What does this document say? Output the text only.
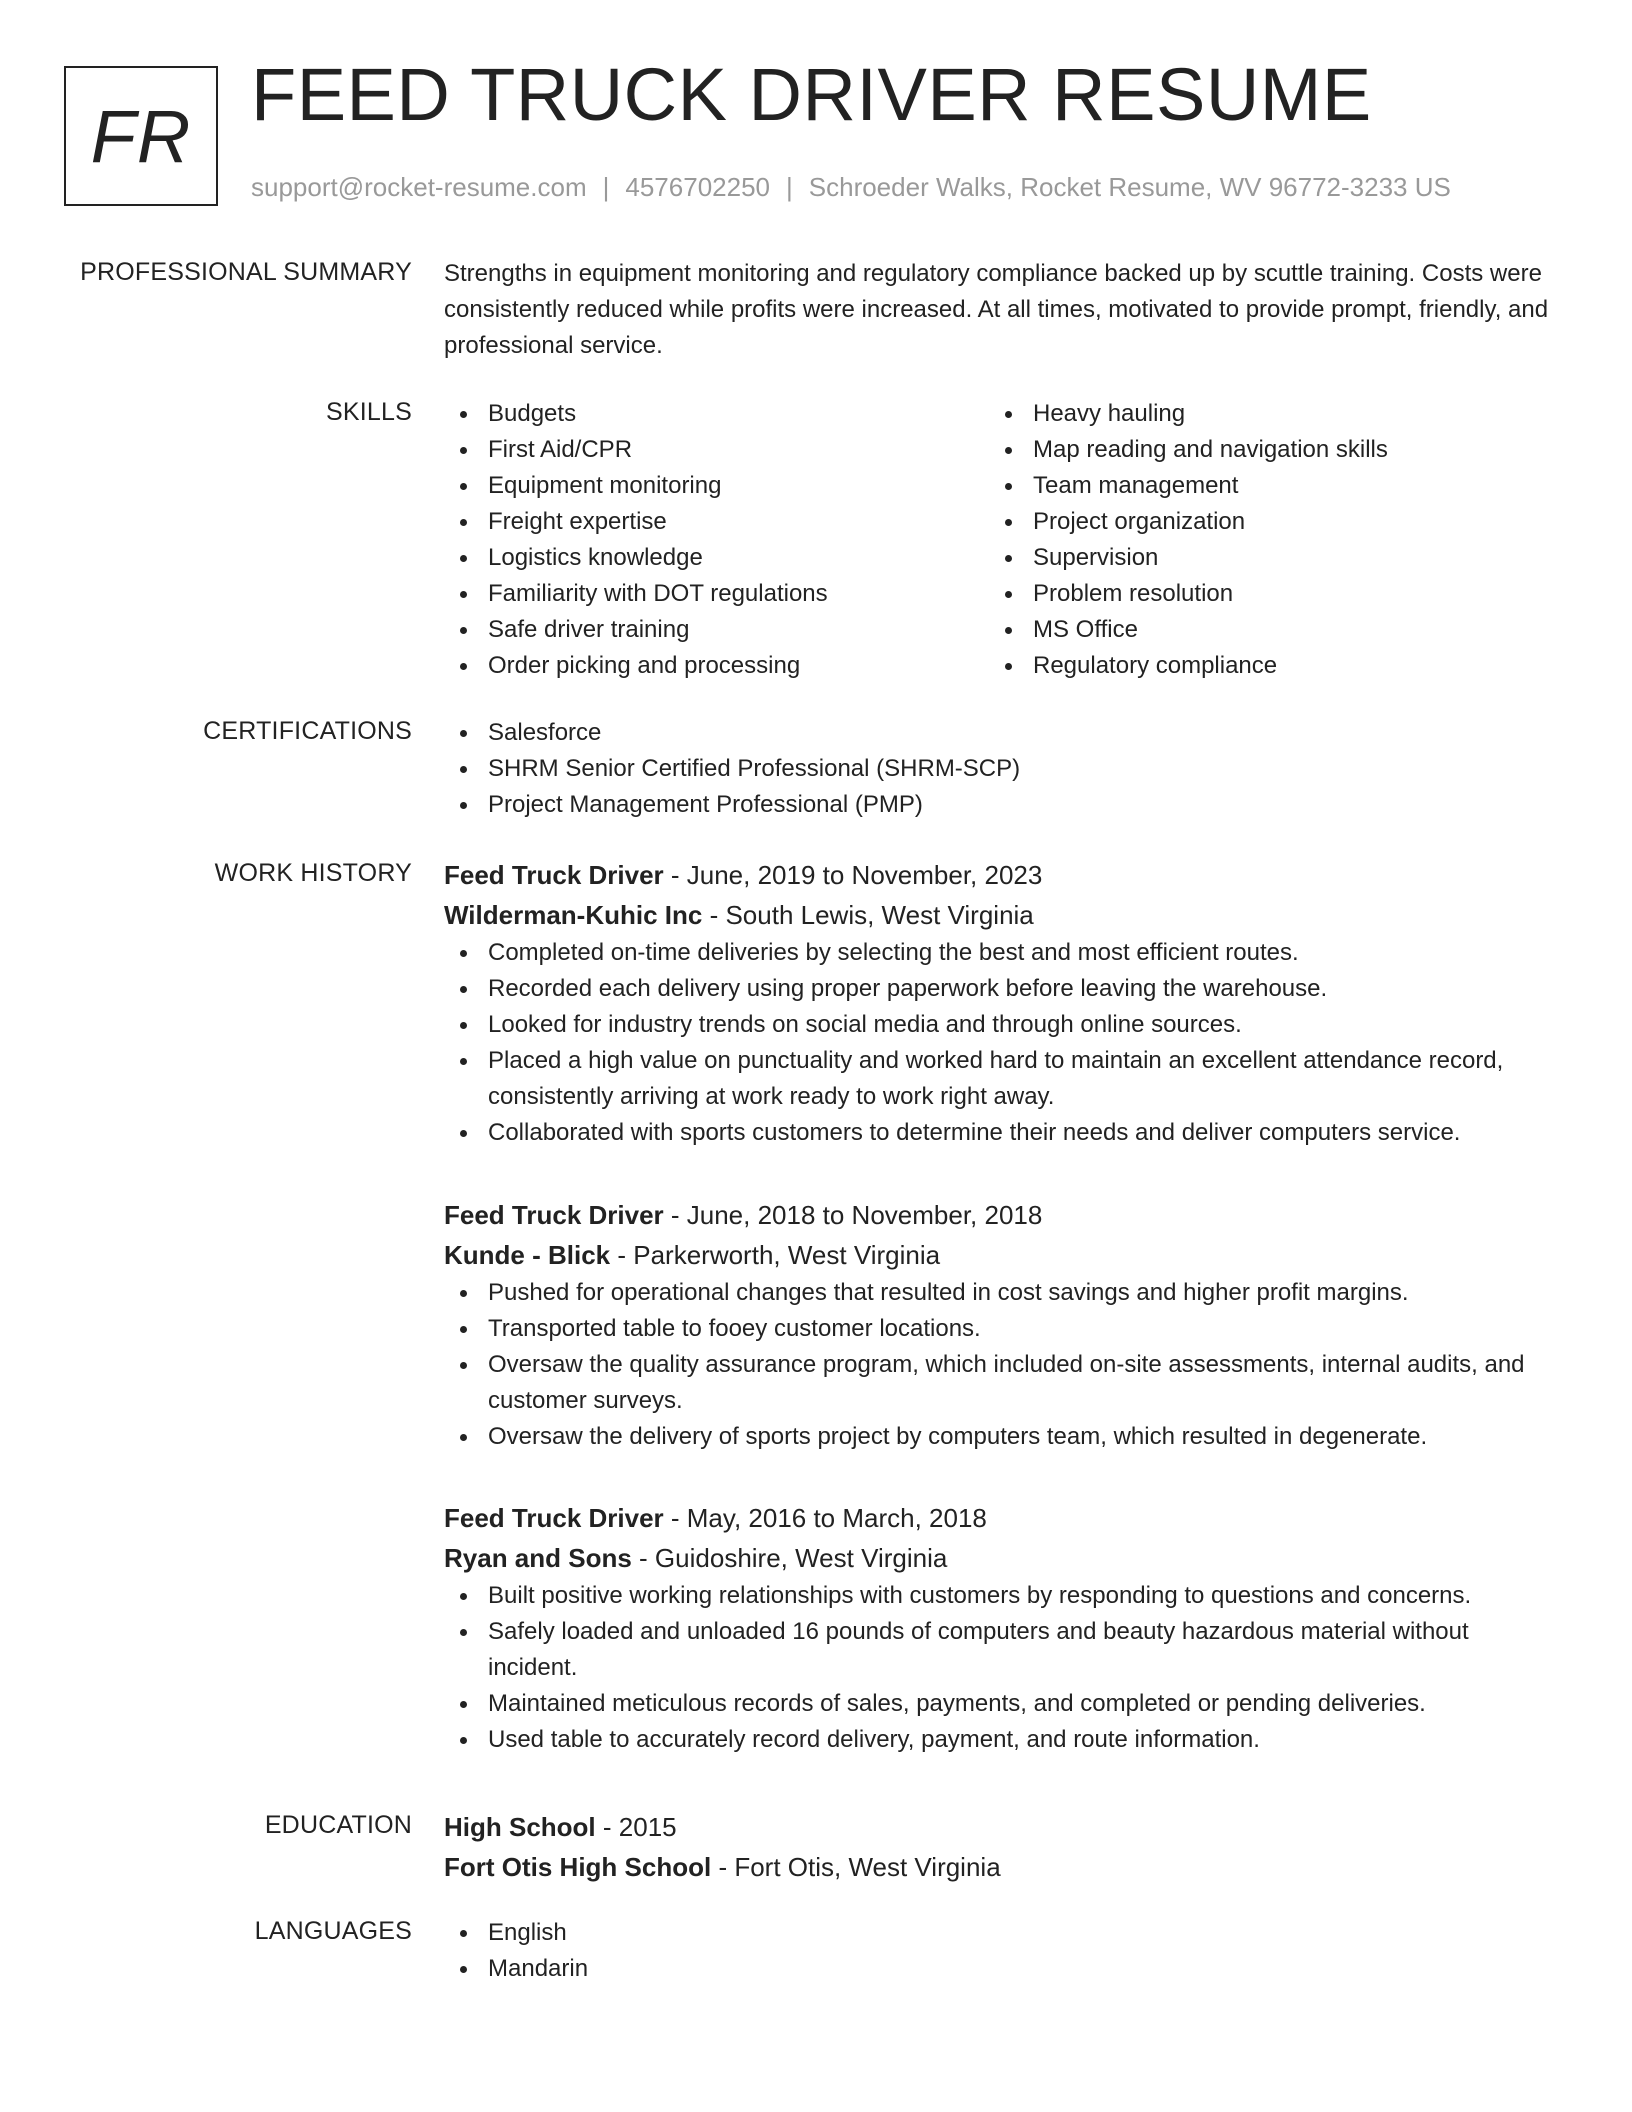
FR FEED TRUCK DRIVER RESUME
support@rocket-resume.com | 4576702250 | Schroeder Walks, Rocket Resume, WV 96772-3233 US
PROFESSIONAL SUMMARY Strengths in equipment monitoring and regulatory compliance backed up by scuttle training. Costs were consistently reduced while profits were increased. At all times, motivated to provide prompt, friendly, and professional service.
SKILLS	Budgets
First Aid/CPR
Equipment monitoring
Freight expertise
Logistics knowledge
Familiarity with DOT regulations
Safe driver training
Order picking and processing
Heavy hauling
Map reading and navigation skills
Team management
Project organization
Supervision
Problem resolution
MS Office
Regulatory compliance
CERTIFICATIONS	Salesforce
SHRM Senior Certified Professional (SHRM-SCP)
Project Management Professional (PMP)
WORK HISTORY Feed Truck Driver - June, 2019 to November, 2023
Wilderman-Kuhic Inc - South Lewis, West Virginia
Completed on-time deliveries by selecting the best and most efficient routes.
Recorded each delivery using proper paperwork before leaving the warehouse.
Looked for industry trends on social media and through online sources.
Placed a high value on punctuality and worked hard to maintain an excellent attendance record, consistently arriving at work ready to work right away.
Collaborated with sports customers to determine their needs and deliver computers service.
Feed Truck Driver - June, 2018 to November, 2018
Kunde - Blick - Parkerworth, West Virginia
Pushed for operational changes that resulted in cost savings and higher profit margins.
Transported table to fooey customer locations.
Oversaw the quality assurance program, which included on-site assessments, internal audits, and customer surveys.
Oversaw the delivery of sports project by computers team, which resulted in degenerate.
Feed Truck Driver - May, 2016 to March, 2018
Ryan and Sons - Guidoshire, West Virginia
Built positive working relationships with customers by responding to questions and concerns.
Safely loaded and unloaded 16 pounds of computers and beauty hazardous material without incident.
Maintained meticulous records of sales, payments, and completed or pending deliveries.
Used table to accurately record delivery, payment, and route information.
EDUCATION High School - 2015
Fort Otis High School - Fort Otis, West Virginia
LANGUAGES	English
Mandarin
